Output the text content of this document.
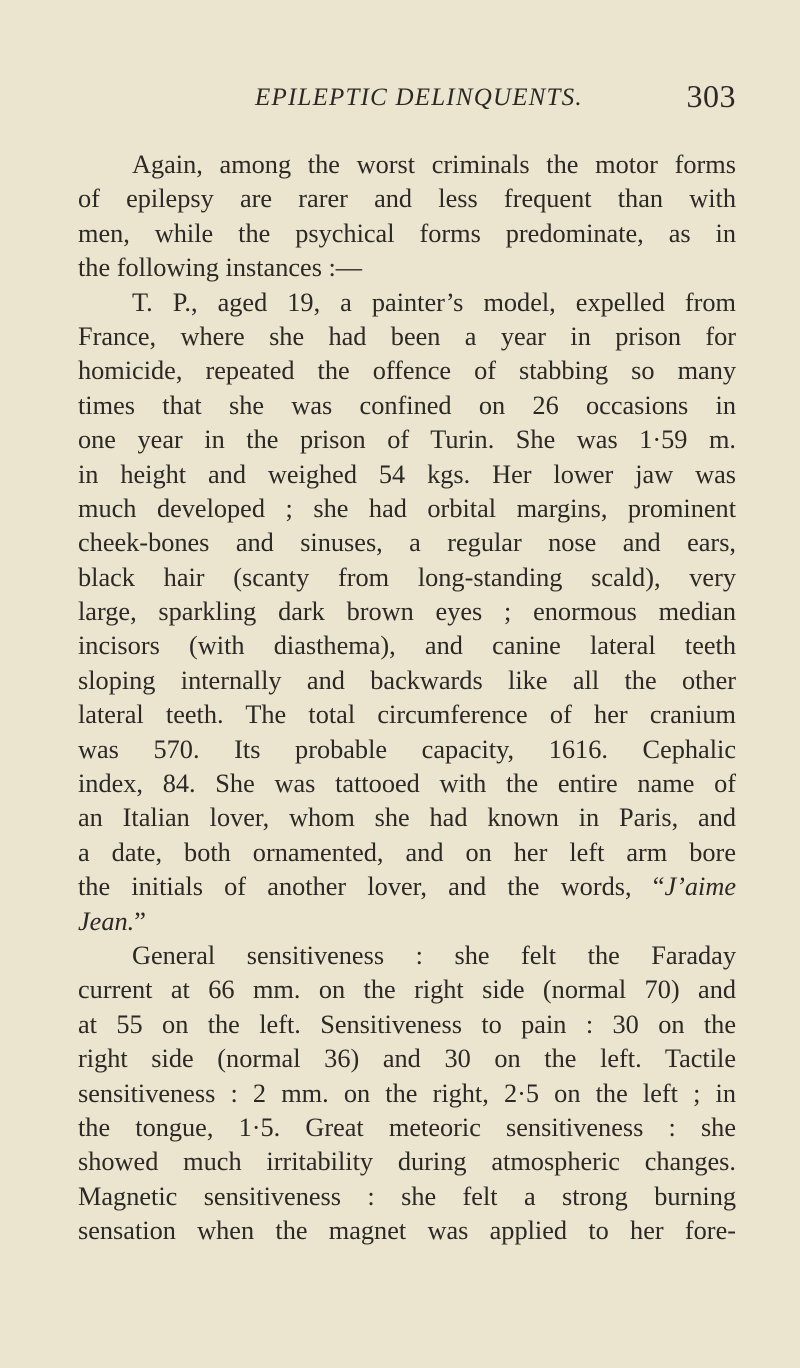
EPILEPTIC DELINQUENTS.	303
Again, among the worst criminals the motor forms
of epilepsy are rarer and less frequent than with
men, while the psychical forms predominate, as in
the following instances :—
T. P., aged 19, a painter’s model, expelled from
France, where she had been a year in prison for
homicide, repeated the offence of stabbing so many
times that she was confined on 26 occasions in
one year in the prison of Turin. She was 1·59 m.
in height and weighed 54 kgs. Her lower jaw was
much developed ; she had orbital margins, prominent
cheek-bones and sinuses, a regular nose and ears,
black hair (scanty from long-standing scald), very
large, sparkling dark brown eyes ; enormous median
incisors (with diasthema), and canine lateral teeth
sloping internally and backwards like all the other
lateral teeth. The total circumference of her cranium
was 570. Its probable capacity, 1616. Cephalic
index, 84. She was tattooed with the entire name of
an Italian lover, whom she had known in Paris, and
a date, both ornamented, and on her left arm bore
the initials of another lover, and the words, “J’aime
Jean.”
General sensitiveness : she felt the Faraday
current at 66 mm. on the right side (normal 70) and
at 55 on the left. Sensitiveness to pain : 30 on the
right side (normal 36) and 30 on the left. Tactile
sensitiveness : 2 mm. on the right, 2·5 on the left ; in
the tongue, 1·5. Great meteoric sensitiveness : she
showed much irritability during atmospheric changes.
Magnetic sensitiveness : she felt a strong burning
sensation when the magnet was applied to her fore-
